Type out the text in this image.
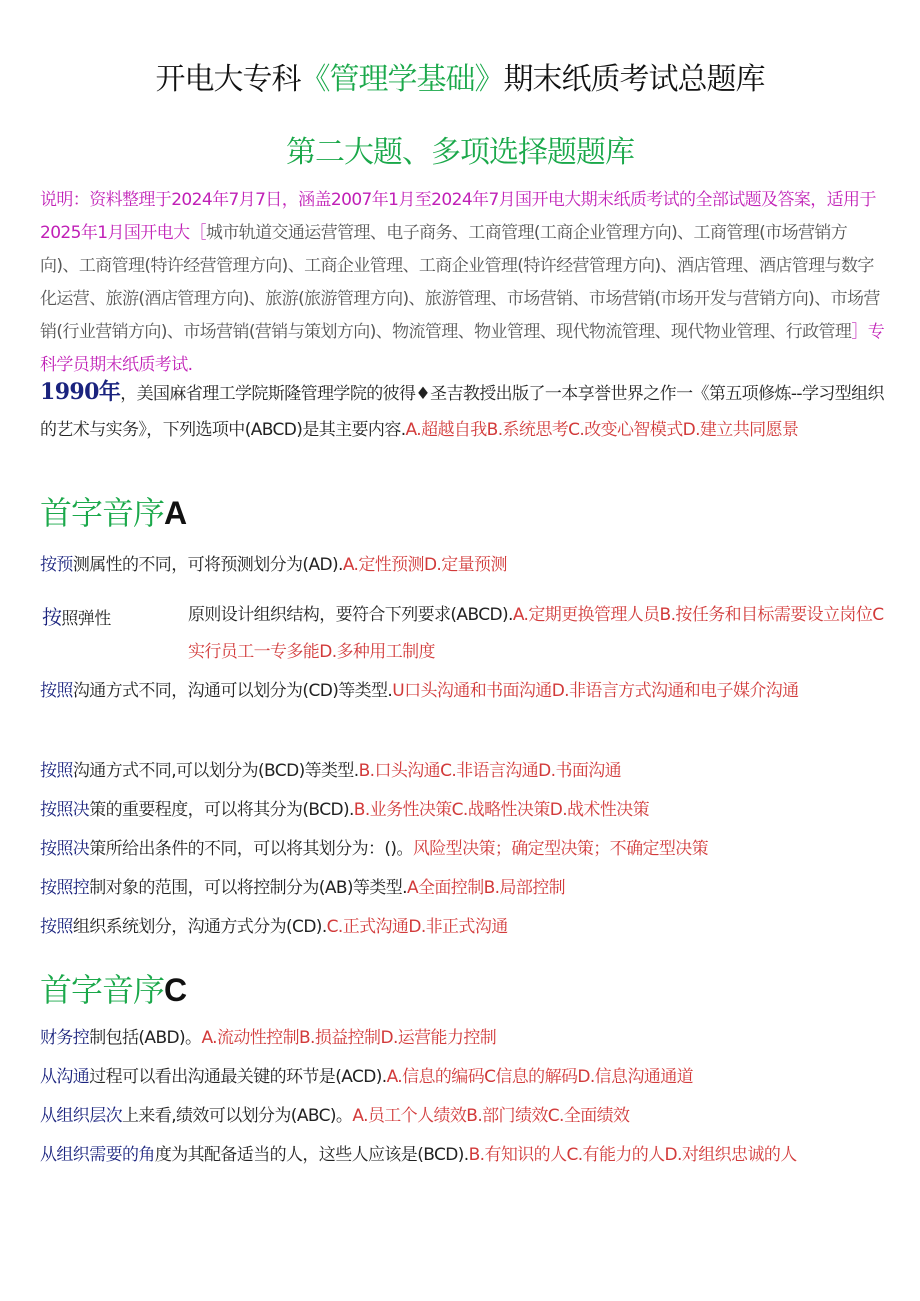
开电大专科《管理学基础》期末纸质考试总题库
第二大题、多项选择题题库
说明：资料整理于2024年7月7日，涵盖2007年1月至2024年7月国开电大期末纸质考试的全部试题及答案，适用于2025年1月国开电大［城市轨道交通运营管理、电子商务、工商管理(工商企业管理方向)、工商管理(市场营销方向)、工商管理(特许经营管理方向)、工商企业管理、工商企业管理(特许经营管理方向)、酒店管理、酒店管理与数字化运营、旅游(酒店管理方向)、旅游(旅游管理方向)、旅游管理、市场营销、市场营销(市场开发与营销方向)、市场营销(行业营销方向)、市场营销(营销与策划方向)、物流管理、物业管理、现代物流管理、现代物业管理、行政管理］专科学员期末纸质考试.
1990年，美国麻省理工学院斯隆管理学院的彼得♦圣吉教授出版了一本享誉世界之作一《第五项修炼--学习型组织的艺术与实务》，下列选项中(ABCD)是其主要内容.A.超越自我B.系统思考C.改变心智模式D.建立共同愿景
首字音序A
按预测属性的不同，可将预测划分为(AD).A.定性预测D.定量预测
按照弹性	原则设计组织结构，要符合下列要求(ABCD).A.定期更换管理人员B.按任务和目标需要设立岗位C实行员工一专多能D.多种用工制度
按照沟通方式不同，沟通可以划分为(CD)等类型.U口头沟通和书面沟通D.非语言方式沟通和电子媒介沟通
按照沟通方式不同,可以划分为(BCD)等类型.B.口头沟通C.非语言沟通D.书面沟通
按照决策的重要程度，可以将其分为(BCD).B.业务性决策C.战略性决策D.战术性决策
按照决策所给出条件的不同，可以将其划分为：()。风险型决策；确定型决策；不确定型决策
按照控制对象的范围，可以将控制分为(AB)等类型.A全面控制B.局部控制
按照组织系统划分，沟通方式分为(CD).C.正式沟通D.非正式沟通
首字音序C
财务控制包括(ABD)。A.流动性控制B.损益控制D.运营能力控制
从沟通过程可以看出沟通最关键的环节是(ACD).A.信息的编码C信息的解码D.信息沟通通道
从组织层次上来看,绩效可以划分为(ABC)。A.员工个人绩效B.部门绩效C.全面绩效
从组织需要的角度为其配备适当的人，这些人应该是(BCD).B.有知识的人C.有能力的人D.对组织忠诚的人
